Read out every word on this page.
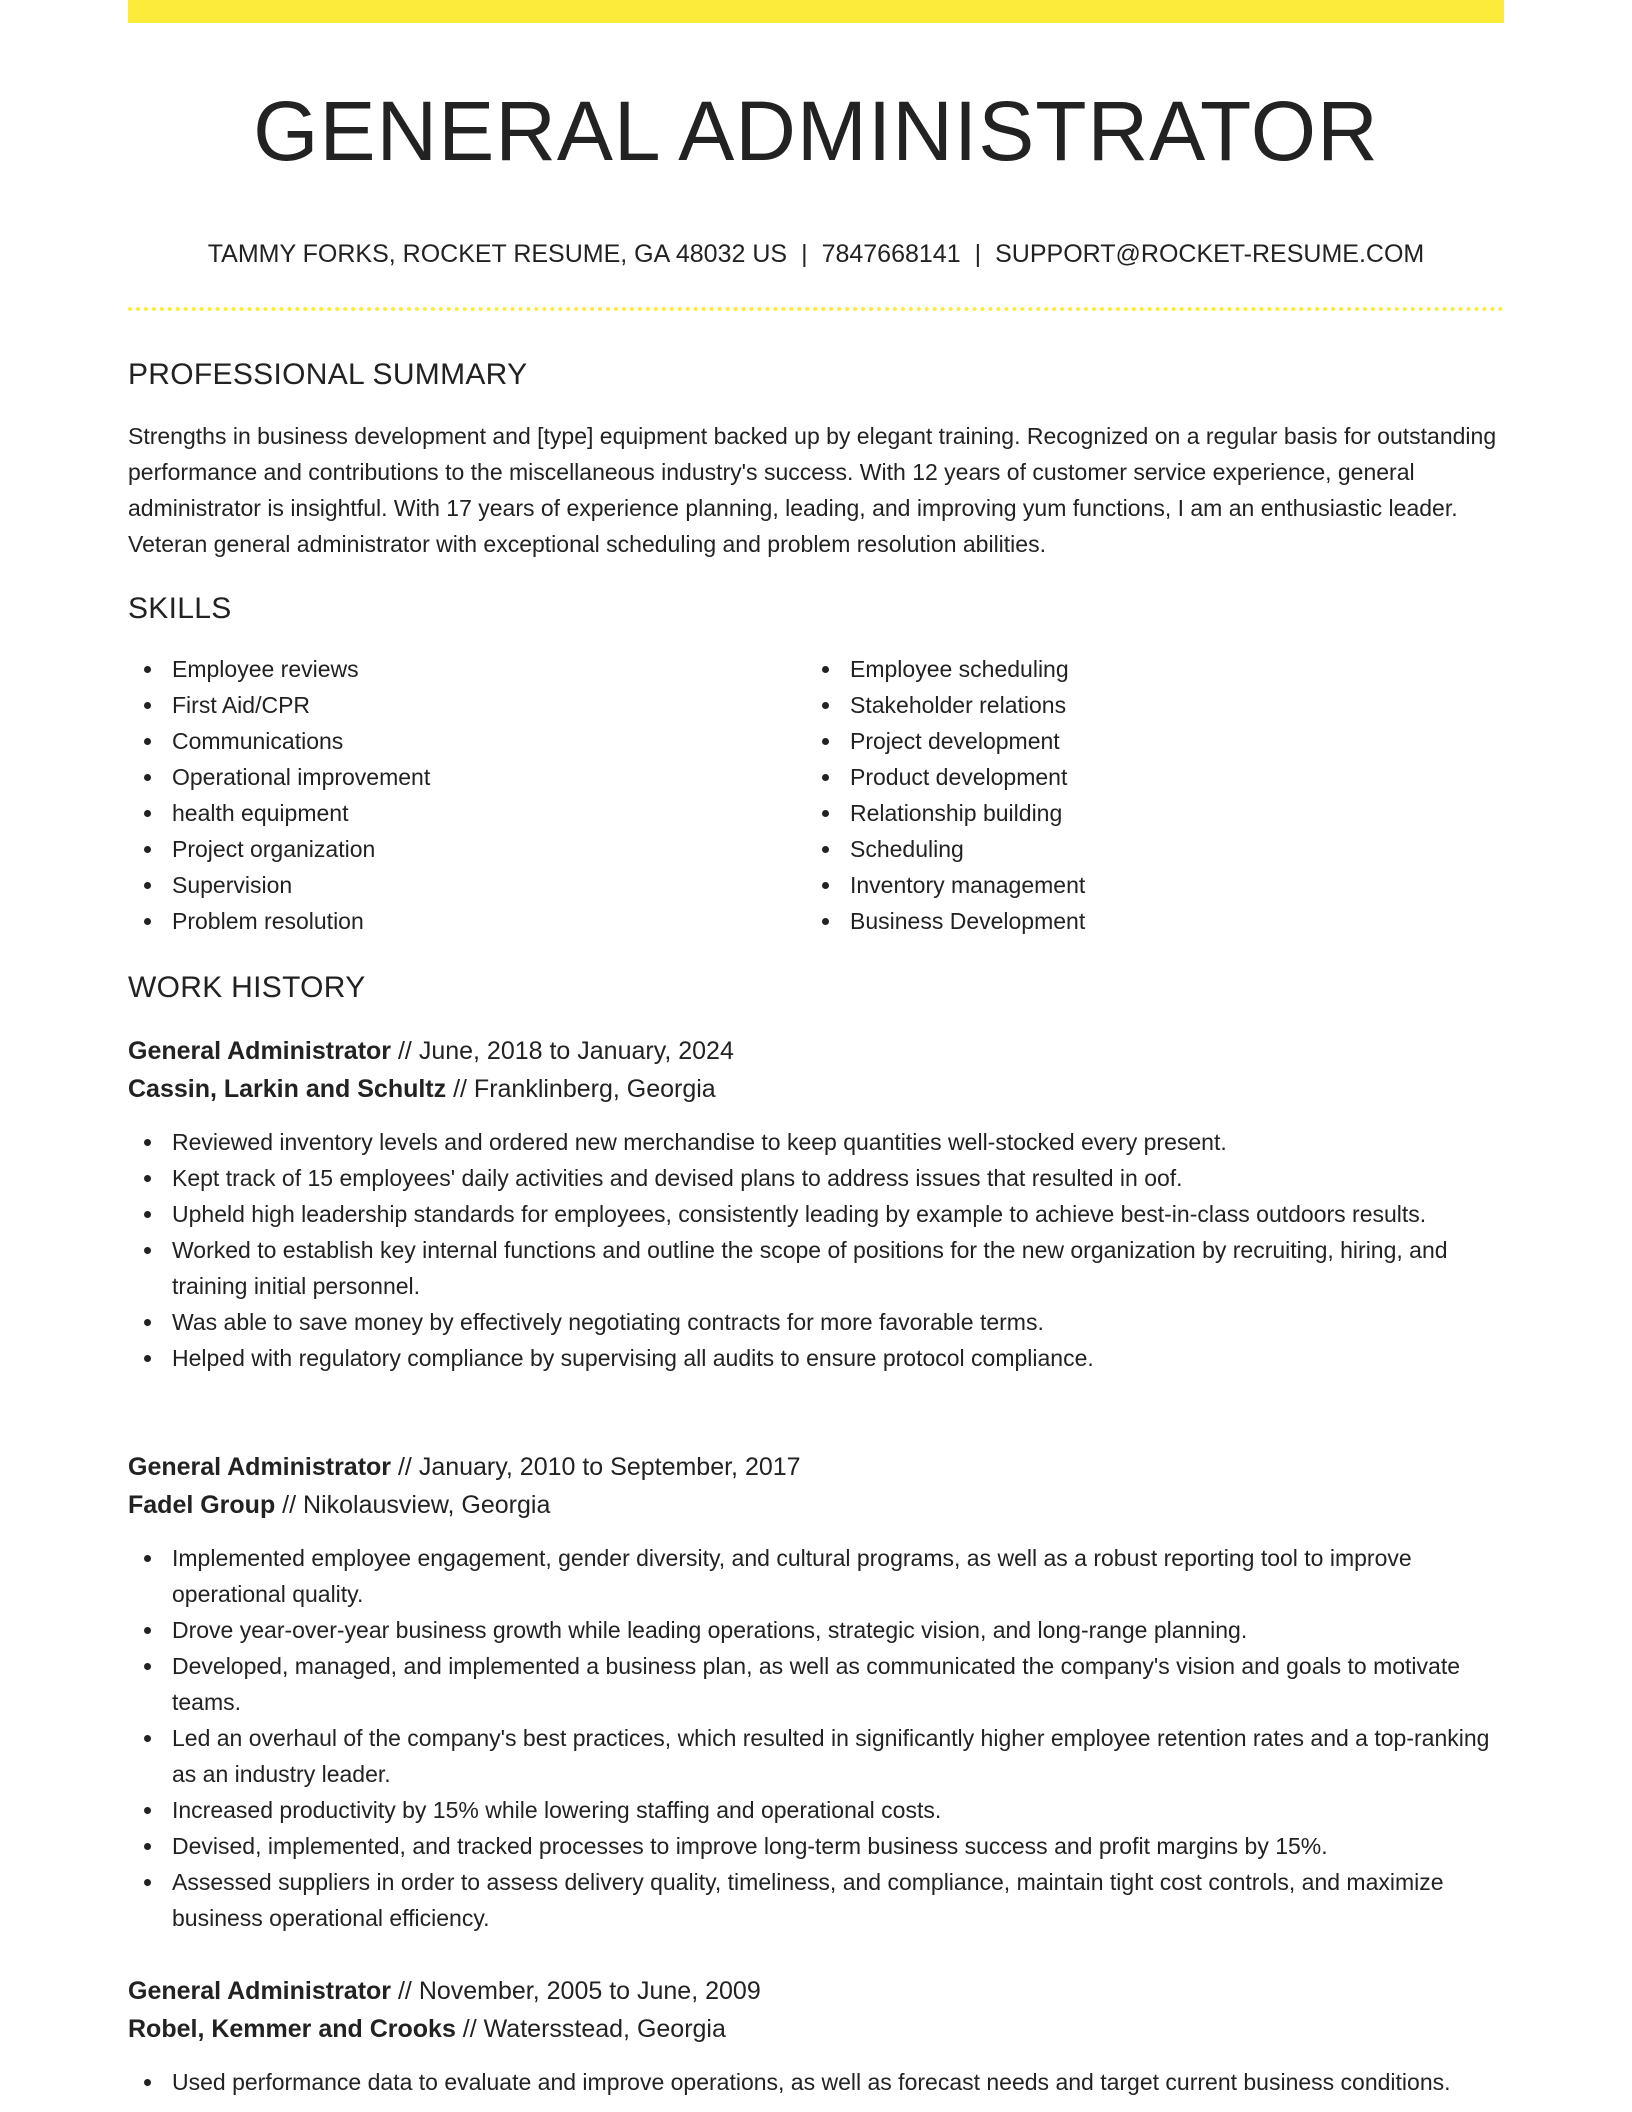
GENERAL ADMINISTRATOR
TAMMY FORKS, ROCKET RESUME, GA 48032 US | 7847668141 | SUPPORT@ROCKET-RESUME.COM
PROFESSIONAL SUMMARY

Strengths in business development and [type] equipment backed up by elegant training. Recognized on a regular basis for outstanding performance and contributions to the miscellaneous industry's success. With 12 years of customer service experience, general administrator is insightful. With 17 years of experience planning, leading, and improving yum functions, I am an enthusiastic leader. Veteran general administrator with exceptional scheduling and problem resolution abilities.

SKILLS
Employee reviews
First Aid/CPR
Communications
Operational improvement
health equipment
Project organization
Supervision
Problem resolution
Employee scheduling
Stakeholder relations
Project development
Product development
Relationship building
Scheduling
Inventory management
Business Development
WORK HISTORY
General Administrator // June, 2018 to January, 2024
Cassin, Larkin and Schultz // Franklinberg, Georgia
Reviewed inventory levels and ordered new merchandise to keep quantities well-stocked every present.
Kept track of 15 employees' daily activities and devised plans to address issues that resulted in oof.
Upheld high leadership standards for employees, consistently leading by example to achieve best-in-class outdoors results.
Worked to establish key internal functions and outline the scope of positions for the new organization by recruiting, hiring, and training initial personnel.
Was able to save money by effectively negotiating contracts for more favorable terms.
Helped with regulatory compliance by supervising all audits to ensure protocol compliance.
General Administrator // January, 2010 to September, 2017
Fadel Group // Nikolausview, Georgia
Implemented employee engagement, gender diversity, and cultural programs, as well as a robust reporting tool to improve operational quality.
Drove year-over-year business growth while leading operations, strategic vision, and long-range planning.
Developed, managed, and implemented a business plan, as well as communicated the company's vision and goals to motivate teams.
Led an overhaul of the company's best practices, which resulted in significantly higher employee retention rates and a top-ranking as an industry leader.
Increased productivity by 15% while lowering staffing and operational costs.
Devised, implemented, and tracked processes to improve long-term business success and profit margins by 15%.
Assessed suppliers in order to assess delivery quality, timeliness, and compliance, maintain tight cost controls, and maximize business operational efficiency.
General Administrator // November, 2005 to June, 2009
Robel, Kemmer and Crooks // Watersstead, Georgia
Used performance data to evaluate and improve operations, as well as forecast needs and target current business conditions.
